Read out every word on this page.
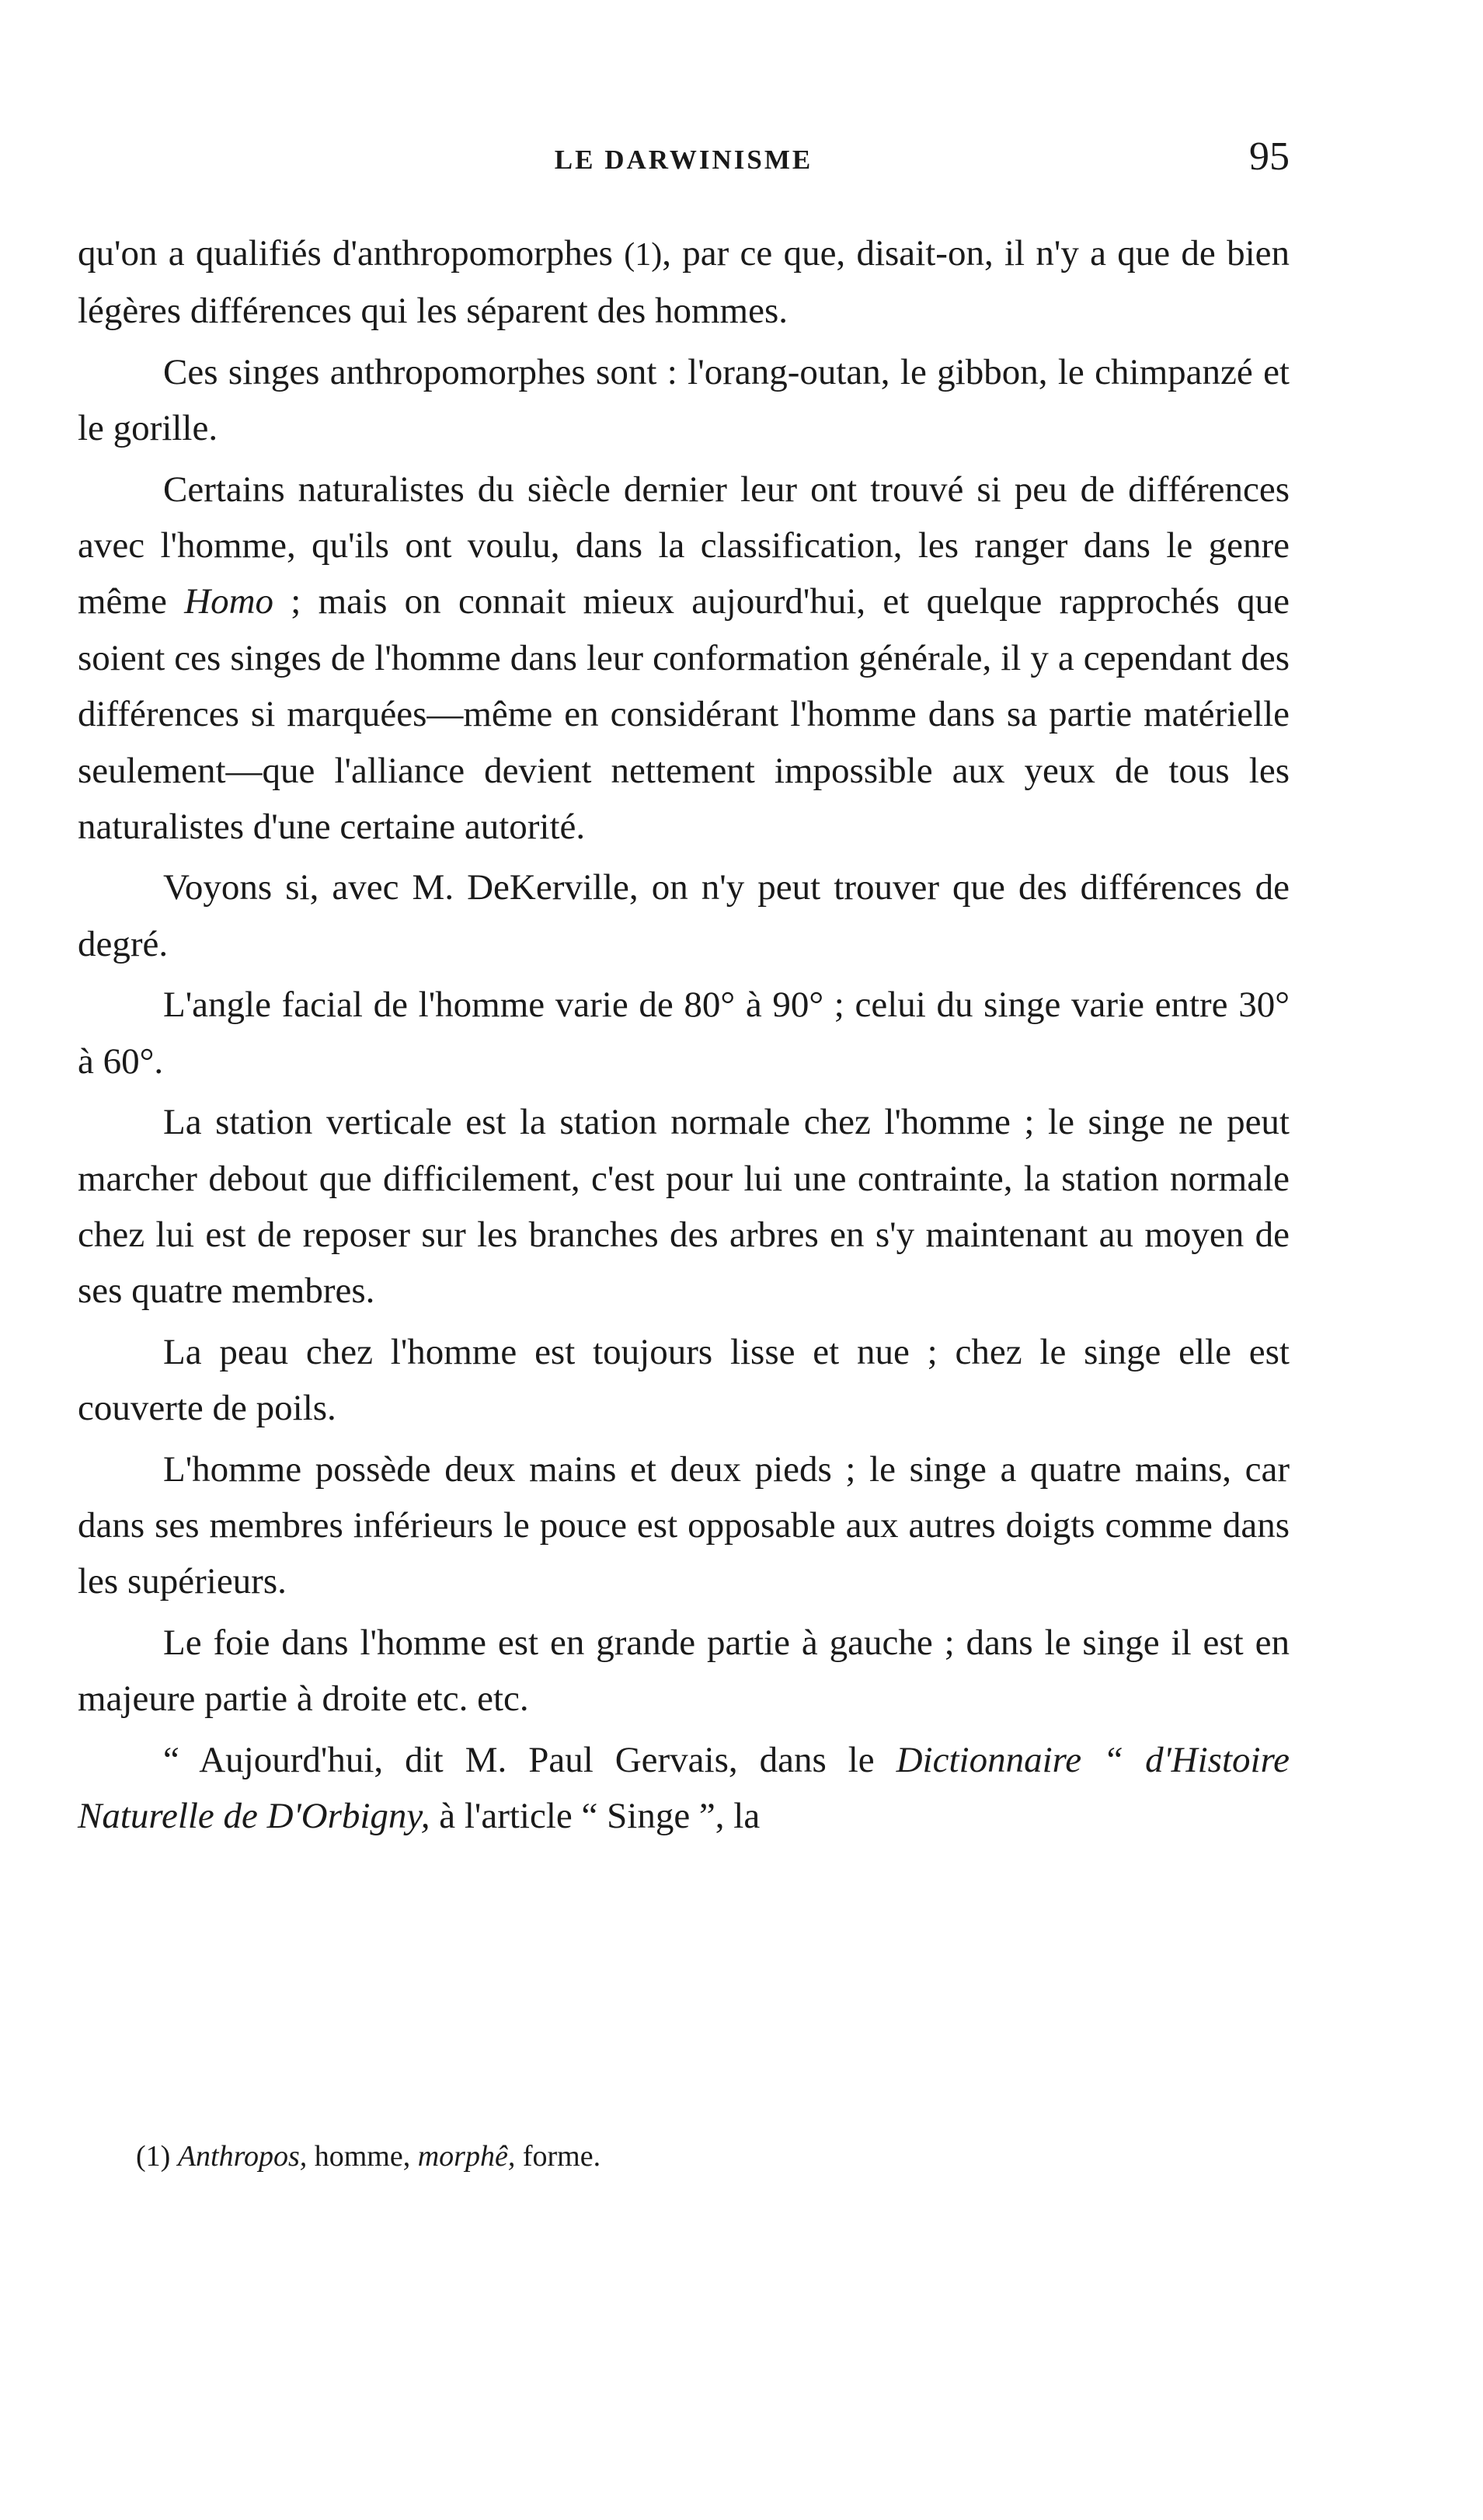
LE DARWINISME	95

qu'on a qualifiés d'anthropomorphes (1), par ce que, disait-on, il n'y a que de bien légères différences qui les séparent des hommes.

Ces singes anthropomorphes sont : l'orang-outan, le gibbon, le chimpanzé et le gorille.

Certains naturalistes du siècle dernier leur ont trouvé si peu de différences avec l'homme, qu'ils ont voulu, dans la classification, les ranger dans le genre même Homo ; mais on connait mieux aujourd'hui, et quelque rapprochés que soient ces singes de l'homme dans leur conformation générale, il y a cependant des différences si marquées—même en considérant l'homme dans sa partie matérielle seulement—que l'alliance devient nettement impossible aux yeux de tous les naturalistes d'une certaine autorité.

Voyons si, avec M. DeKerville, on n'y peut trouver que des différences de degré.

L'angle facial de l'homme varie de 80° à 90° ; celui du singe varie entre 30° à 60°.

La station verticale est la station normale chez l'homme ; le singe ne peut marcher debout que difficilement, c'est pour lui une contrainte, la station normale chez lui est de reposer sur les branches des arbres en s'y maintenant au moyen de ses quatre membres.

La peau chez l'homme est toujours lisse et nue ; chez le singe elle est couverte de poils.

L'homme possède deux mains et deux pieds ; le singe a quatre mains, car dans ses membres inférieurs le pouce est opposable aux autres doigts comme dans les supérieurs.

Le foie dans l'homme est en grande partie à gauche ; dans le singe il est en majeure partie à droite etc. etc.

“ Aujourd'hui, dit M. Paul Gervais, dans le Dictionnaire “ d'Histoire Naturelle de D'Orbigny, à l'article “ Singe ”, la

(1) Anthropos, homme, morphê, forme.
